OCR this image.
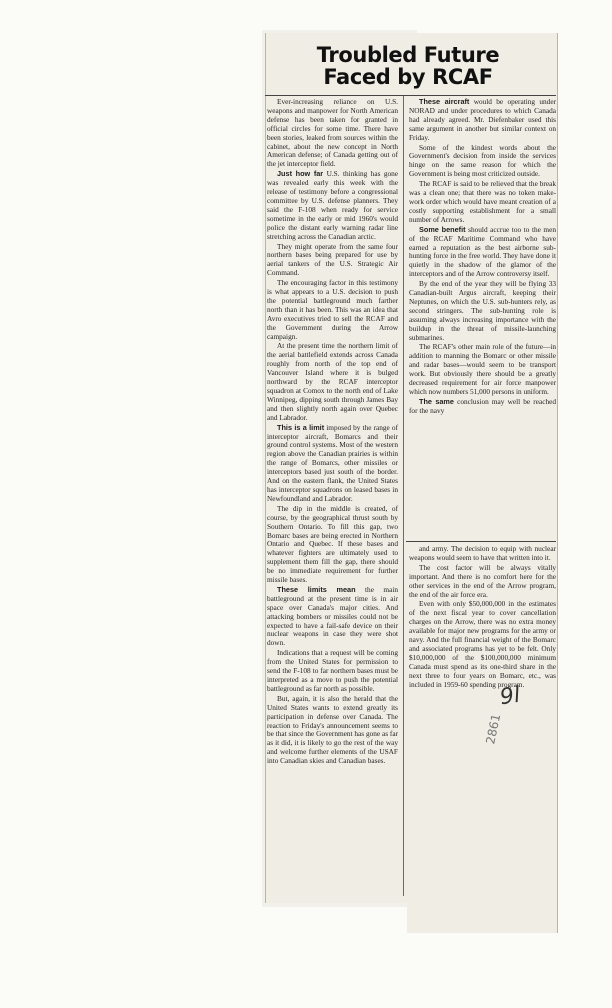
Troubled Future
Faced by RCAF

Ever-increasing reliance on U.S. weapons and manpower for North American defense has been taken for granted in official circles for some time. There have been stories, leaked from sources within the cabinet, about the new concept in North American defense; of Canada getting out of the jet interceptor field.

Just how far U.S. thinking has gone was revealed early this week with the release of testimony before a congressional committee by U.S. defense planners. They said the F-108 when ready for service sometime in the early or mid 1960's would police the distant early warning radar line stretching across the Canadian arctic.

They might operate from the same four northern bases being prepared for use by aerial tankers of the U.S. Strategic Air Command.

The encouraging factor in this testimony is what appears to a U.S. decision to push the potential battleground much farther north than it has been. This was an idea that Avro executives tried to sell the RCAF and the Government during the Arrow campaign.

At the present time the northern limit of the aerial battlefield extends across Canada roughly from north of the top end of Vancouver Island where it is bulged northward by the RCAF interceptor squadron at Comox to the north end of Lake Winnipeg, dipping south through James Bay and then slightly north again over Quebec and Labrador.

This is a limit imposed by the range of interceptor aircraft, Bomarcs and their ground control systems. Most of the western region above the Canadian prairies is within the range of Bomarcs, other missiles or interceptors based just south of the border. And on the eastern flank, the United States has interceptor squadrons on leased bases in Newfoundland and Labrador.

The dip in the middle is created, of course, by the geographical thrust south by Southern Ontario. To fill this gap, two Bomarc bases are being erected in Northern Ontario and Quebec. If these bases and whatever fighters are ultimately used to supplement them fill the gap, there should be no immediate requirement for further missile bases.

These limits mean the main battleground at the present time is in air space over Canada's major cities. And attacking bombers or missiles could not be expected to have a fail-safe device on their nuclear weapons in case they were shot down.

Indications that a request will be coming from the United States for permission to send the F-108 to far northern bases must be interpreted as a move to push the potential battleground as far north as possible.

But, again, it is also the herald that the United States wants to extend greatly its participation in defense over Canada. The reaction to Friday's announcement seems to be that since the Government has gone as far as it did, it is likely to go the rest of the way and welcome further elements of the USAF into Canadian skies and Canadian bases.

These aircraft would be operating under NORAD and under procedures to which Canada had already agreed. Mr. Diefenbaker used this same argument in another but similar context on Friday.

Some of the kindest words about the Government's decision from inside the services hinge on the same reason for which the Government is being most criticized outside.

The RCAF is said to be relieved that the break was a clean one; that there was no token make-work order which would have meant creation of a costly supporting establishment for a small number of Arrows.

Some benefit should accrue too to the men of the RCAF Maritime Command who have earned a reputation as the best airborne sub-hunting force in the free world. They have done it quietly in the shadow of the glamor of the interceptors and of the Arrow controversy itself.

By the end of the year they will be flying 33 Canadian-built Argus aircraft, keeping their Neptunes, on which the U.S. sub-hunters rely, as second stringers. The sub-hunting role is assuming always increasing importance with the buildup in the threat of missile-launching submarines.

The RCAF's other main role of the future—in addition to manning the Bomarc or other missile and radar bases—would seem to be transport work. But obviously there should be a greatly decreased requirement for air force manpower which now numbers 51,000 persons in uniform.

The same conclusion may well be reached for the navy

and army. The decision to equip with nuclear weapons would seem to have that written into it.

The cost factor will be always vitally important. And there is no comfort here for the other services in the end of the Arrow program, the end of the air force era.

Even with only $50,000,000 in the estimates of the next fiscal year to cover cancellation charges on the Arrow, there was no extra money available for major new programs for the army or navy. And the full financial weight of the Bomarc and associated programs has yet to be felt. Only $10,000,000 of the $100,000,000 minimum Canada must spend as its one-third share in the next three to four years on Bomarc, etc., was included in 1959-60 spending program.

9l
2861
